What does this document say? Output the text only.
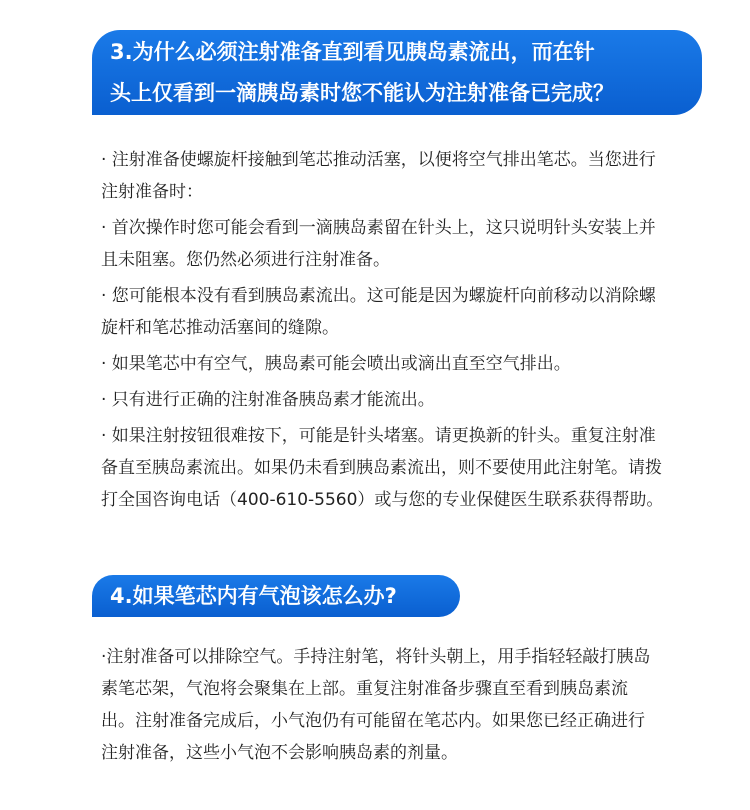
3.为什么必须注射准备直到看见胰岛素流出，而在针
头上仅看到一滴胰岛素时您不能认为注射准备已完成？

· 注射准备使螺旋杆接触到笔芯推动活塞，以便将空气排出笔芯。当您进行注射准备时：

· 首次操作时您可能会看到一滴胰岛素留在针头上，这只说明针头安装上并且未阻塞。您仍然必须进行注射准备。

· 您可能根本没有看到胰岛素流出。这可能是因为螺旋杆向前移动以消除螺旋杆和笔芯推动活塞间的缝隙。

· 如果笔芯中有空气，胰岛素可能会喷出或滴出直至空气排出。

· 只有进行正确的注射准备胰岛素才能流出。

· 如果注射按钮很难按下，可能是针头堵塞。请更换新的针头。重复注射准备直至胰岛素流出。如果仍未看到胰岛素流出，则不要使用此注射笔。请拨打全国咨询电话（400-610-5560）或与您的专业保健医生联系获得帮助。

4.如果笔芯内有气泡该怎么办?

·注射准备可以排除空气。手持注射笔，将针头朝上，用手指轻轻敲打胰岛素笔芯架，气泡将会聚集在上部。重复注射准备步骤直至看到胰岛素流出。注射准备完成后，小气泡仍有可能留在笔芯内。如果您已经正确进行注射准备，这些小气泡不会影响胰岛素的剂量。
